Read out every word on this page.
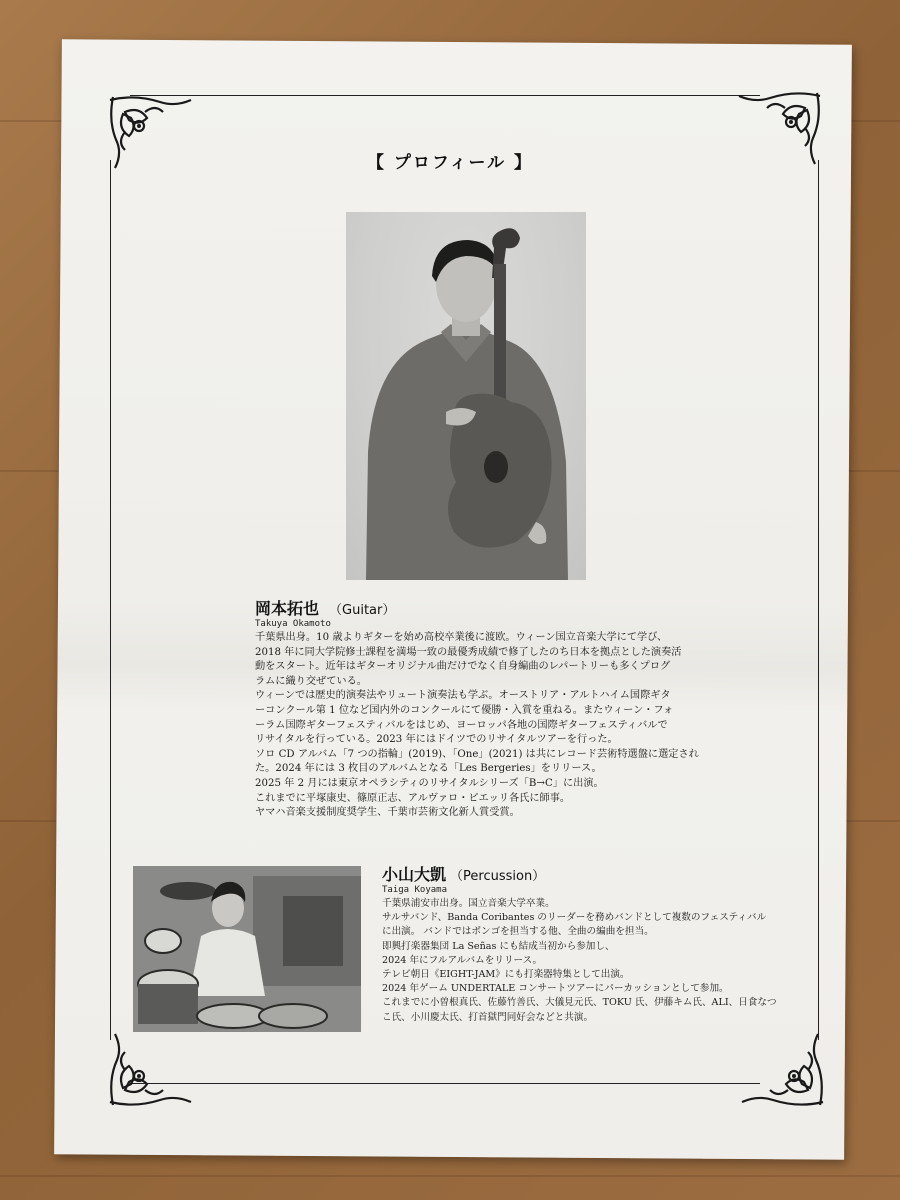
【 プロフィール 】
岡本拓也 （Guitar）
Takuya Okamoto
千葉県出身。10 歳よりギターを始め高校卒業後に渡欧。ウィーン国立音楽大学にて学び、
2018 年に同大学院修士課程を満場一致の最優秀成績で修了したのち日本を拠点とした演奏活
動をスタート。近年はギターオリジナル曲だけでなく自身編曲のレパートリーも多くプログ
ラムに織り交ぜている。
ウィーンでは歴史的演奏法やリュート演奏法も学ぶ。オーストリア・アルトハイム国際ギタ
ーコンクール第 1 位など国内外のコンクールにて優勝・入賞を重ねる。またウィーン・フォ
ーラム国際ギターフェスティバルをはじめ、ヨーロッパ各地の国際ギターフェスティバルで
リサイタルを行っている。2023 年にはドイツでのリサイタルツアーを行った。
ソロ CD アルバム「7 つの指輪」(2019)、「One」(2021) は共にレコード芸術特選盤に選定され
た。2024 年には 3 枚目のアルバムとなる「Les Bergeries」をリリース。
2025 年 2 月には東京オペラシティのリサイタルシリーズ「B→C」に出演。
これまでに平塚康史、篠原正志、アルヴァロ・ピエッリ各氏に師事。
ヤマハ音楽支援制度奨学生、千葉市芸術文化新人賞受賞。
小山大凱 （Percussion）
Taiga Koyama
千葉県浦安市出身。国立音楽大学卒業。
サルサバンド、Banda Coribantes のリーダーを務めバンドとして複数のフェスティバル
に出演。 バンドではボンゴを担当する他、全曲の編曲を担当。
即興打楽器集団 La Señas にも結成当初から参加し、
2024 年にフルアルバムをリリース。
テレビ朝日《EIGHT-JAM》にも打楽器特集として出演。
2024 年ゲーム UNDERTALE コンサートツアーにパーカッションとして参加。
これまでに小曽根真氏、佐藤竹善氏、大儀見元氏、TOKU 氏、伊藤キム氏、ALI、日食なつ
こ氏、小川慶太氏、打首獄門同好会などと共演。
